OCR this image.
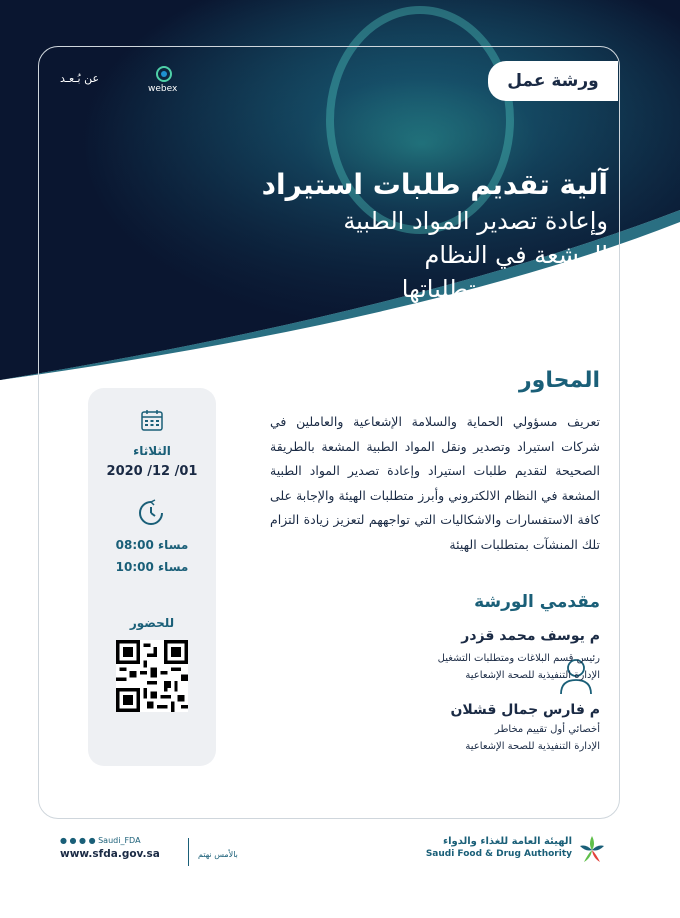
ورشة عمل
عن بُـعـد
webex
آلية تقديم طلبات استيراد
وإعادة تصدير المواد الطبية
المشعة في النظام
الالكتروني ومتطلباتها
الثلاثاء
2020 /12 /01
08:00 مساء
10:00 مساء
للحضور
المحاور
تعريف مسؤولي الحماية والسلامة الإشعاعية والعاملين في شركات استيراد وتصدير ونقل المواد الطبية المشعة بالطريقة الصحيحة لتقديم طلبات استيراد وإعادة تصدير المواد الطبية المشعة في النظام الالكتروني وأبرز متطلبات الهيئة والإجابة على كافة الاستفسارات والاشكاليات التي تواجههم لتعزيز زيادة التزام تلك المنشآت بمتطلبات الهيئة
مقدمي الورشة
م يوسف محمد قزدر
رئيس قسم البلاغات ومتطلبات التشغيل
الإدارة التنفيذية للصحة الإشعاعية
م فارس جمال قشلان
أخصائي أول تقييم مخاطر
الإدارة التنفيذية للصحة الإشعاعية
● ● ● ● Saudi_FDA
www.sfda.gov.sa	بالأمس نهتم
الهيئة العامة للغذاء والدواء
Saudi Food & Drug Authority
